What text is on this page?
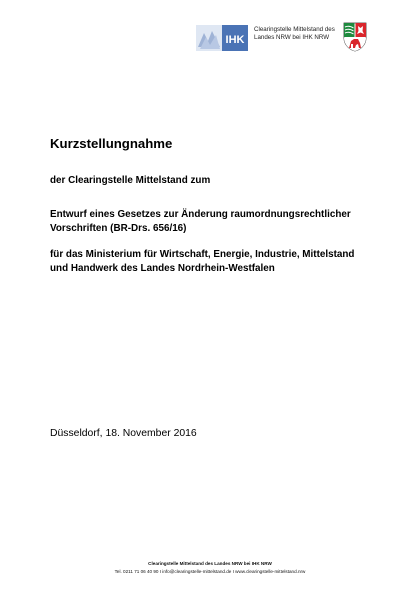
IHK
Clearingstelle Mittelstand des
Landes NRW bei IHK NRW
Kurzstellungnahme

der Clearingstelle Mittelstand zum

Entwurf eines Gesetzes zur Änderung raumordnungsrechtlicher
Vorschriften (BR-Drs. 656/16)
für das Ministerium für Wirtschaft, Energie, Industrie, Mittelstand
und Handwerk des Landes Nordrhein-Westfalen

Düsseldorf, 18. November 2016

Clearingstelle Mittelstand des Landes NRW bei IHK NRW
Tel. 0211 71 06 40 90 I info@clearingstelle-mittelstand.de I www.clearingstelle-mittelstand.nrw
